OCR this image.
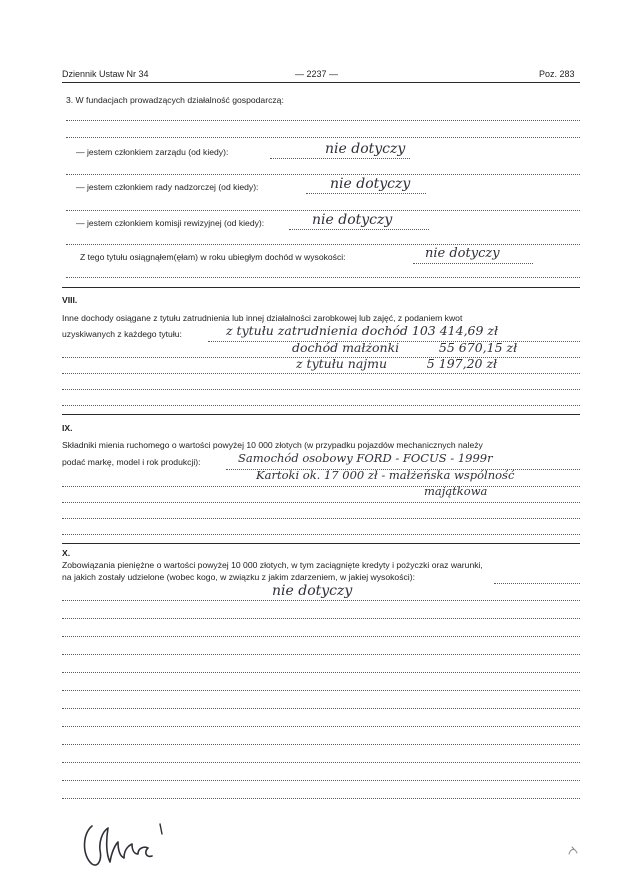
Dziennik Ustaw Nr 34	— 2237 —	Poz. 283
3. W fundacjach prowadzących działalność gospodarczą:
— jestem członkiem zarządu (od kiedy):	nie dotyczy
— jestem członkiem rady nadzorczej (od kiedy):	nie dotyczy
— jestem członkiem komisji rewizyjnej (od kiedy):	nie dotyczy
Z tego tytułu osiągnąłem(ęłam) w roku ubiegłym dochód w wysokości:	nie dotyczy
VIII.
Inne dochody osiągane z tytułu zatrudnienia lub innej działalności zarobkowej lub zajęć, z podaniem kwot
uzyskiwanych z każdego tytułu:	z tytułu zatrudnienia dochód 103 414,69 zł
dochód małżonki          55 670,15 zł
z tytułu najmu          5 197,20 zł
IX.
Składniki mienia ruchomego o wartości powyżej 10 000 złotych (w przypadku pojazdów mechanicznych należy
podać markę, model i rok produkcji):	Samochód osobowy FORD - FOCUS - 1999r
Kartoki ok. 17 000 zł - małżeńska wspólność
majątkowa
X.
Zobowiązania pieniężne o wartości powyżej 10 000 złotych, w tym zaciągnięte kredyty i pożyczki oraz warunki,
na jakich zostały udzielone (wobec kogo, w związku z jakim zdarzeniem, w jakiej wysokości):
nie dotyczy
